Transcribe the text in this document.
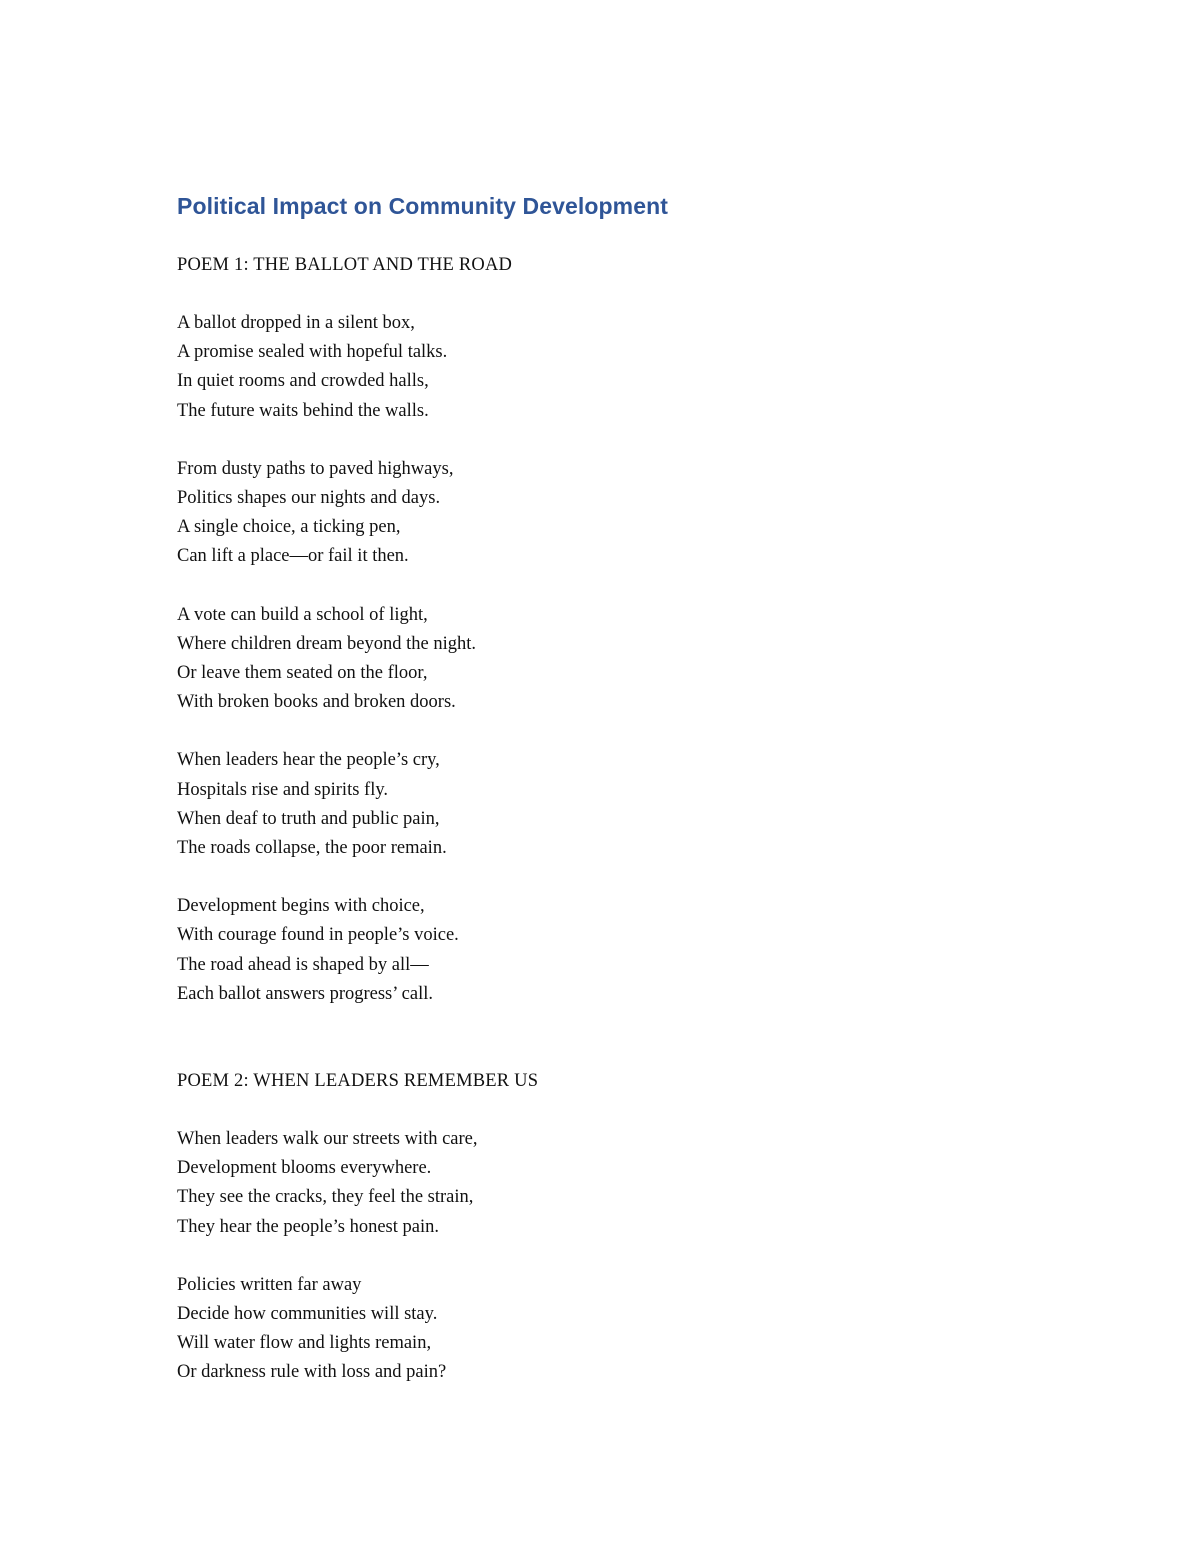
Political Impact on Community Development

POEM 1: THE BALLOT AND THE ROAD

A ballot dropped in a silent box,
A promise sealed with hopeful talks.
In quiet rooms and crowded halls,
The future waits behind the walls.
From dusty paths to paved highways,
Politics shapes our nights and days.
A single choice, a ticking pen,
Can lift a place—or fail it then.
A vote can build a school of light,
Where children dream beyond the night.
Or leave them seated on the floor,
With broken books and broken doors.
When leaders hear the people’s cry,
Hospitals rise and spirits fly.
When deaf to truth and public pain,
The roads collapse, the poor remain.
Development begins with choice,
With courage found in people’s voice.
The road ahead is shaped by all—
Each ballot answers progress’ call.

POEM 2: WHEN LEADERS REMEMBER US

When leaders walk our streets with care,
Development blooms everywhere.
They see the cracks, they feel the strain,
They hear the people’s honest pain.
Policies written far away
Decide how communities will stay.
Will water flow and lights remain,
Or darkness rule with loss and pain?
